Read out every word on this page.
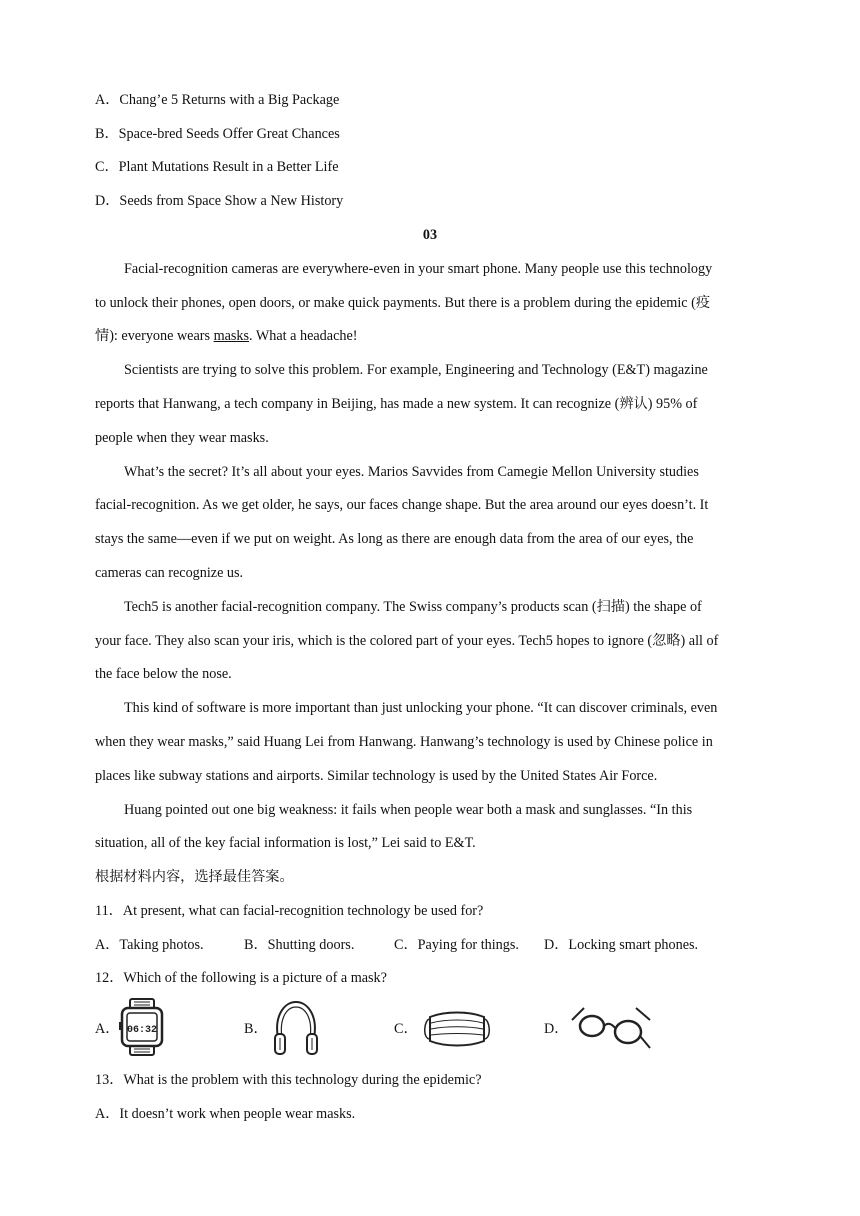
A．Chang’e 5 Returns with a Big Package
B．Space-bred Seeds Offer Great Chances
C．Plant Mutations Result in a Better Life
D．Seeds from Space Show a New History
03
Facial-recognition cameras are everywhere-even in your smart phone. Many people use this technology
to unlock their phones, open doors, or make quick payments. But there is a problem during the epidemic (疫
情): everyone wears masks. What a headache!
Scientists are trying to solve this problem. For example, Engineering and Technology (E&T) magazine
reports that Hanwang, a tech company in Beijing, has made a new system. It can recognize (辨认) 95% of
people when they wear masks.
What’s the secret? It’s all about your eyes. Marios Savvides from Camegie Mellon University studies
facial-recognition. As we get older, he says, our faces change shape. But the area around our eyes doesn’t. It
stays the same—even if we put on weight. As long as there are enough data from the area of our eyes, the
cameras can recognize us.
Tech5 is another facial-recognition company. The Swiss company’s products scan (扫描) the shape of
your face. They also scan your iris, which is the colored part of your eyes. Tech5 hopes to ignore (忽略) all of
the face below the nose.
This kind of software is more important than just unlocking your phone. “It can discover criminals, even
when they wear masks,” said Huang Lei from Hanwang. Hanwang’s technology is used by Chinese police in
places like subway stations and airports. Similar technology is used by the United States Air Force.
Huang pointed out one big weakness: it fails when people wear both a mask and sunglasses. “In this
situation, all of the key facial information is lost,” Lei said to E&T.
根据材料内容，选择最佳答案。
11．At present, what can facial-recognition technology be used for?
A．Taking photos.	B．Shutting doors.	C．Paying for things. D．Locking smart phones.
12．Which of the following is a picture of a mask?
A． 06:32	B．	C．	D．
13．What is the problem with this technology during the epidemic?
A．It doesn’t work when people wear masks.
